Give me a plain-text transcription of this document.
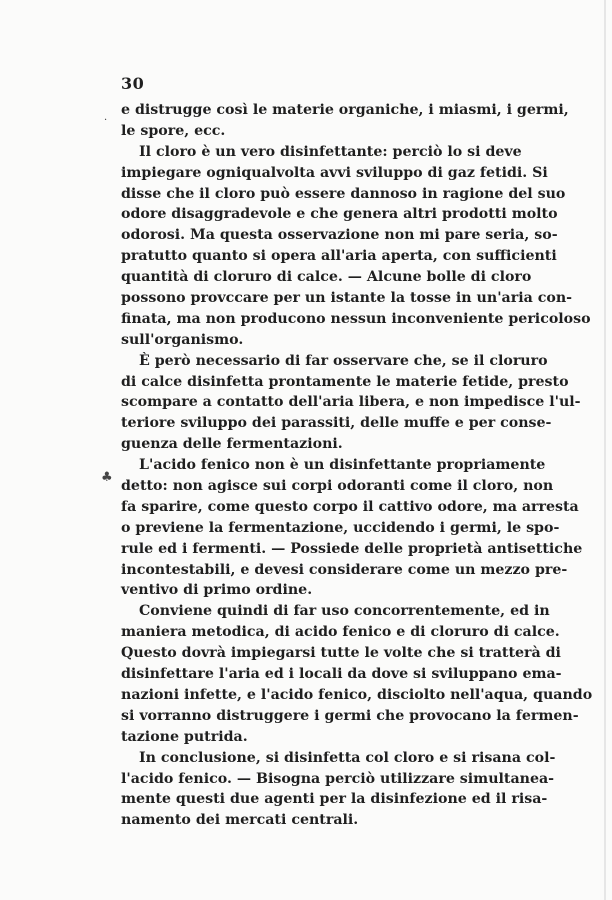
30
·
♣
e distrugge così le materie organiche, i miasmi, i germi,
le spore, ecc.
Il cloro è un vero disinfettante: perciò lo si deve
impiegare ogniqualvolta avvi sviluppo di gaz fetidi. Si
disse che il cloro può essere dannoso in ragione del suo
odore disaggradevole e che genera altri prodotti molto
odorosi. Ma questa osservazione non mi pare seria, so-
pratutto quanto si opera all'aria aperta, con sufficienti
quantità di cloruro di calce. — Alcune bolle di cloro
possono provccare per un istante la tosse in un'aria con-
finata, ma non producono nessun inconveniente pericoloso
sull'organismo.
È però necessario di far osservare che, se il cloruro
di calce disinfetta prontamente le materie fetide, presto
scompare a contatto dell'aria libera, e non impedisce l'ul-
teriore sviluppo dei parassiti, delle muffe e per conse-
guenza delle fermentazioni.
L'acido fenico non è un disinfettante propriamente
detto: non agisce sui corpi odoranti come il cloro, non
fa sparire, come questo corpo il cattivo odore, ma arresta
o previene la fermentazione, uccidendo i germi, le spo-
rule ed i fermenti. — Possiede delle proprietà antisettiche
incontestabili, e devesi considerare come un mezzo pre-
ventivo di primo ordine.
Conviene quindi di far uso concorrentemente, ed in
maniera metodica, di acido fenico e di cloruro di calce.
Questo dovrà impiegarsi tutte le volte che si tratterà di
disinfettare l'aria ed i locali da dove si sviluppano ema-
nazioni infette, e l'acido fenico, disciolto nell'aqua, quando
si vorranno distruggere i germi che provocano la fermen-
tazione putrida.
In conclusione, si disinfetta col cloro e si risana col-
l'acido fenico. — Bisogna perciò utilizzare simultanea-
mente questi due agenti per la disinfezione ed il risa-
namento dei mercati centrali.
